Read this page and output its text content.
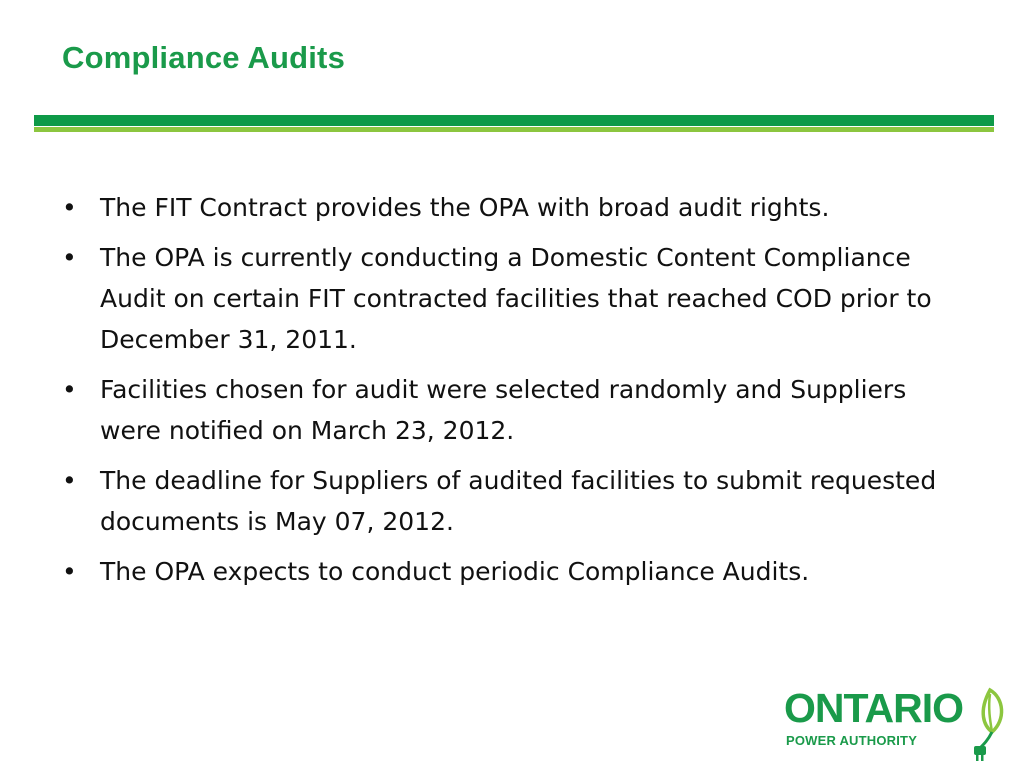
Compliance Audits
• The FIT Contract provides the OPA with broad audit rights.
• The OPA is currently conducting a Domestic Content Compliance Audit on certain FIT contracted facilities that reached COD prior to December 31, 2011.
• Facilities chosen for audit were selected randomly and Suppliers were notified on March 23, 2012.
• The deadline for Suppliers of audited facilities to submit requested documents is May 07, 2012.
• The OPA expects to conduct periodic Compliance Audits.
ONTARIO
POWER AUTHORITY
